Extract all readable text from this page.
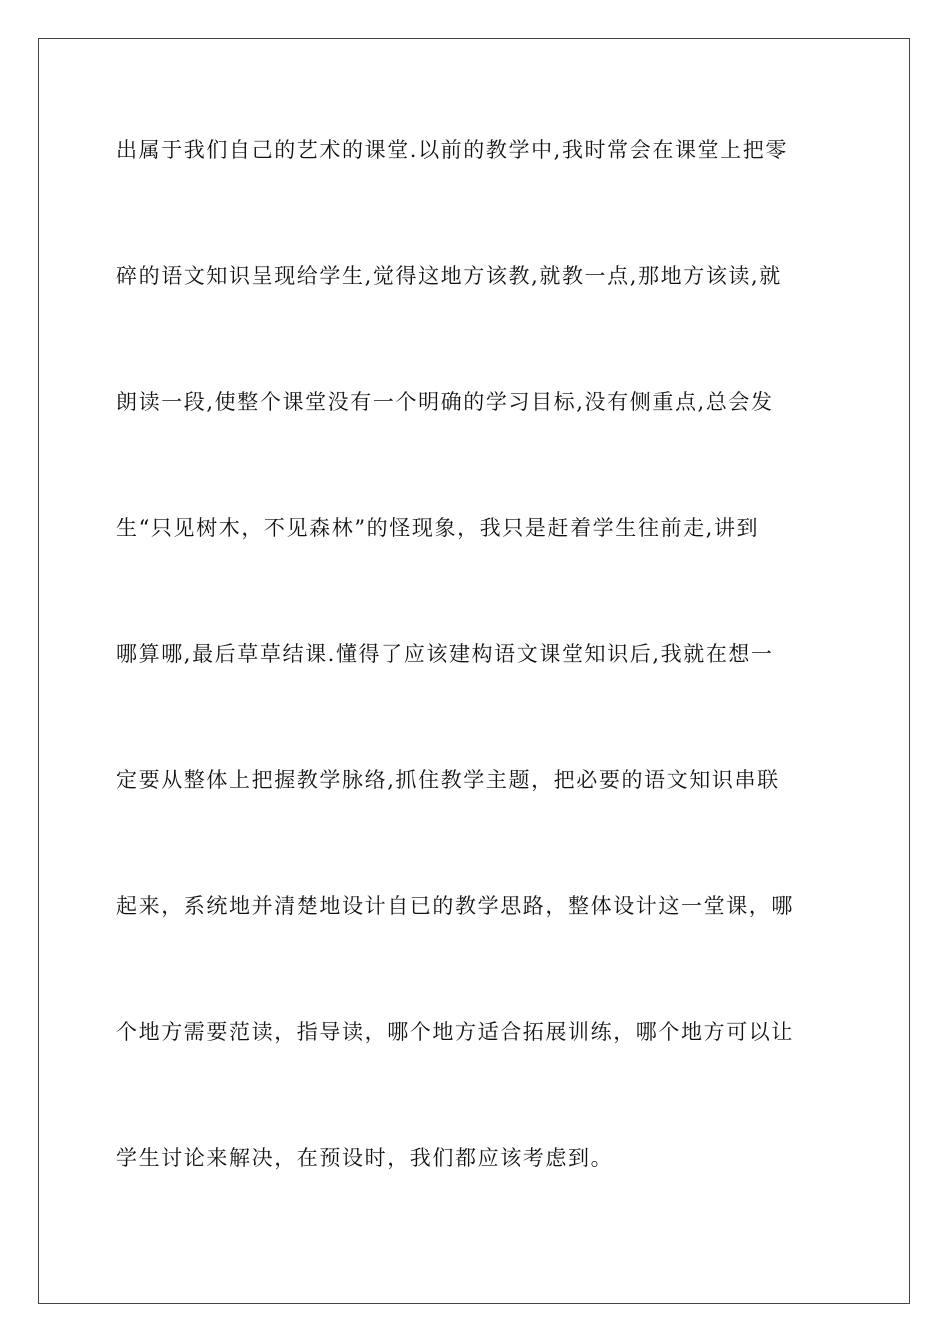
出属于我们自己的艺术的课堂.以前的教学中,我时常会在课堂上把零
碎的语文知识呈现给学生,觉得这地方该教,就教一点,那地方该读,就
朗读一段,使整个课堂没有一个明确的学习目标,没有侧重点,总会发
生“只见树木，不见森林”的怪现象，我只是赶着学生往前走,讲到
哪算哪,最后草草结课.懂得了应该建构语文课堂知识后,我就在想一
定要从整体上把握教学脉络,抓住教学主题，把必要的语文知识串联
起来，系统地并清楚地设计自已的教学思路，整体设计这一堂课，哪
个地方需要范读，指导读，哪个地方适合拓展训练，哪个地方可以让
学生讨论来解决，在预设时，我们都应该考虑到。
